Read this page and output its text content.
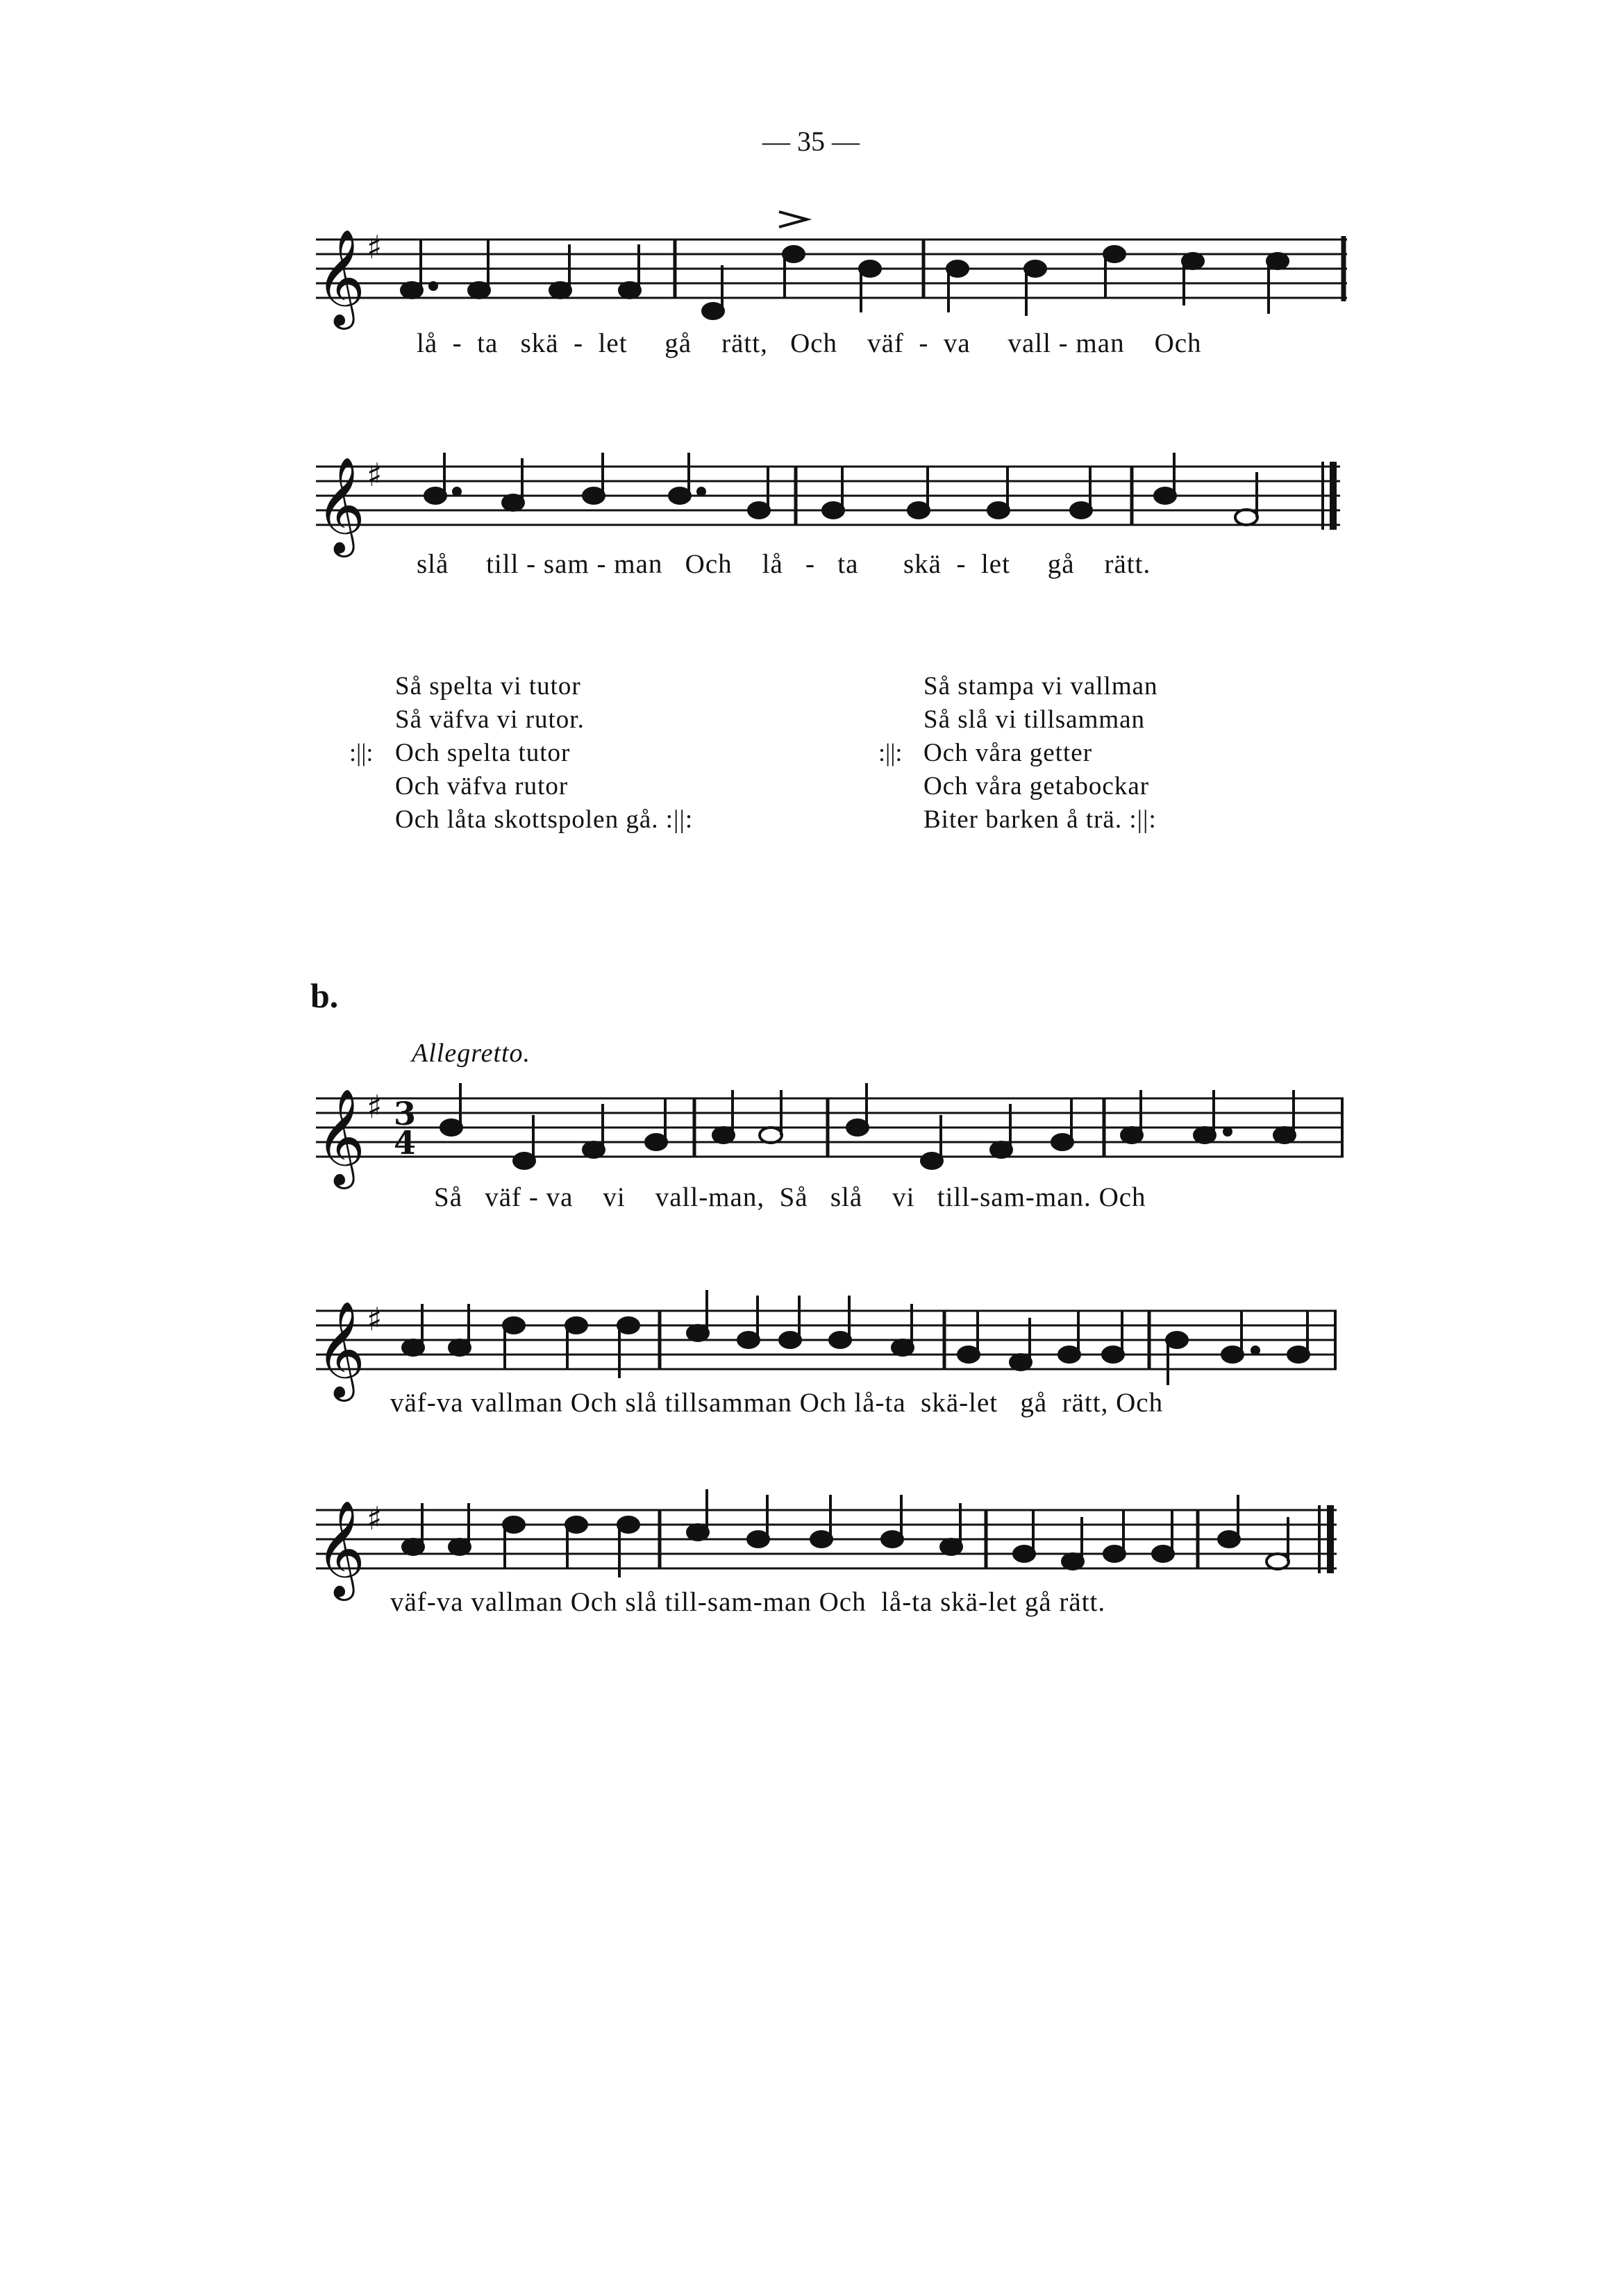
— 35 —
𝄞 ♯
lå - ta skä - let gå rätt, Och väf - va vall - man Och
𝄞 ♯
slå till - sam - man Och lå - ta skä - let gå rätt.
Så spelta vi tutor
Så väfva vi rutor.
Och spelta tutor
Och väfva rutor
Och låta skottspolen gå. :||:
:||:
Så stampa vi vallman
Så slå vi tillsamman
Och våra getter
Och våra getabockar
Biter barken å trä. :||:
:||:
b.
Allegretto.
𝄞 ♯ 3
4
Så väf - va vi vall-man, Så slå vi till-sam-man. Och
𝄞 ♯
väf-va vallman Och slå tillsamman Och lå-ta skä-let gå rätt, Och
𝄞 ♯
väf-va vallman Och slå till-sam-man Och lå-ta skä-let gå rätt.
